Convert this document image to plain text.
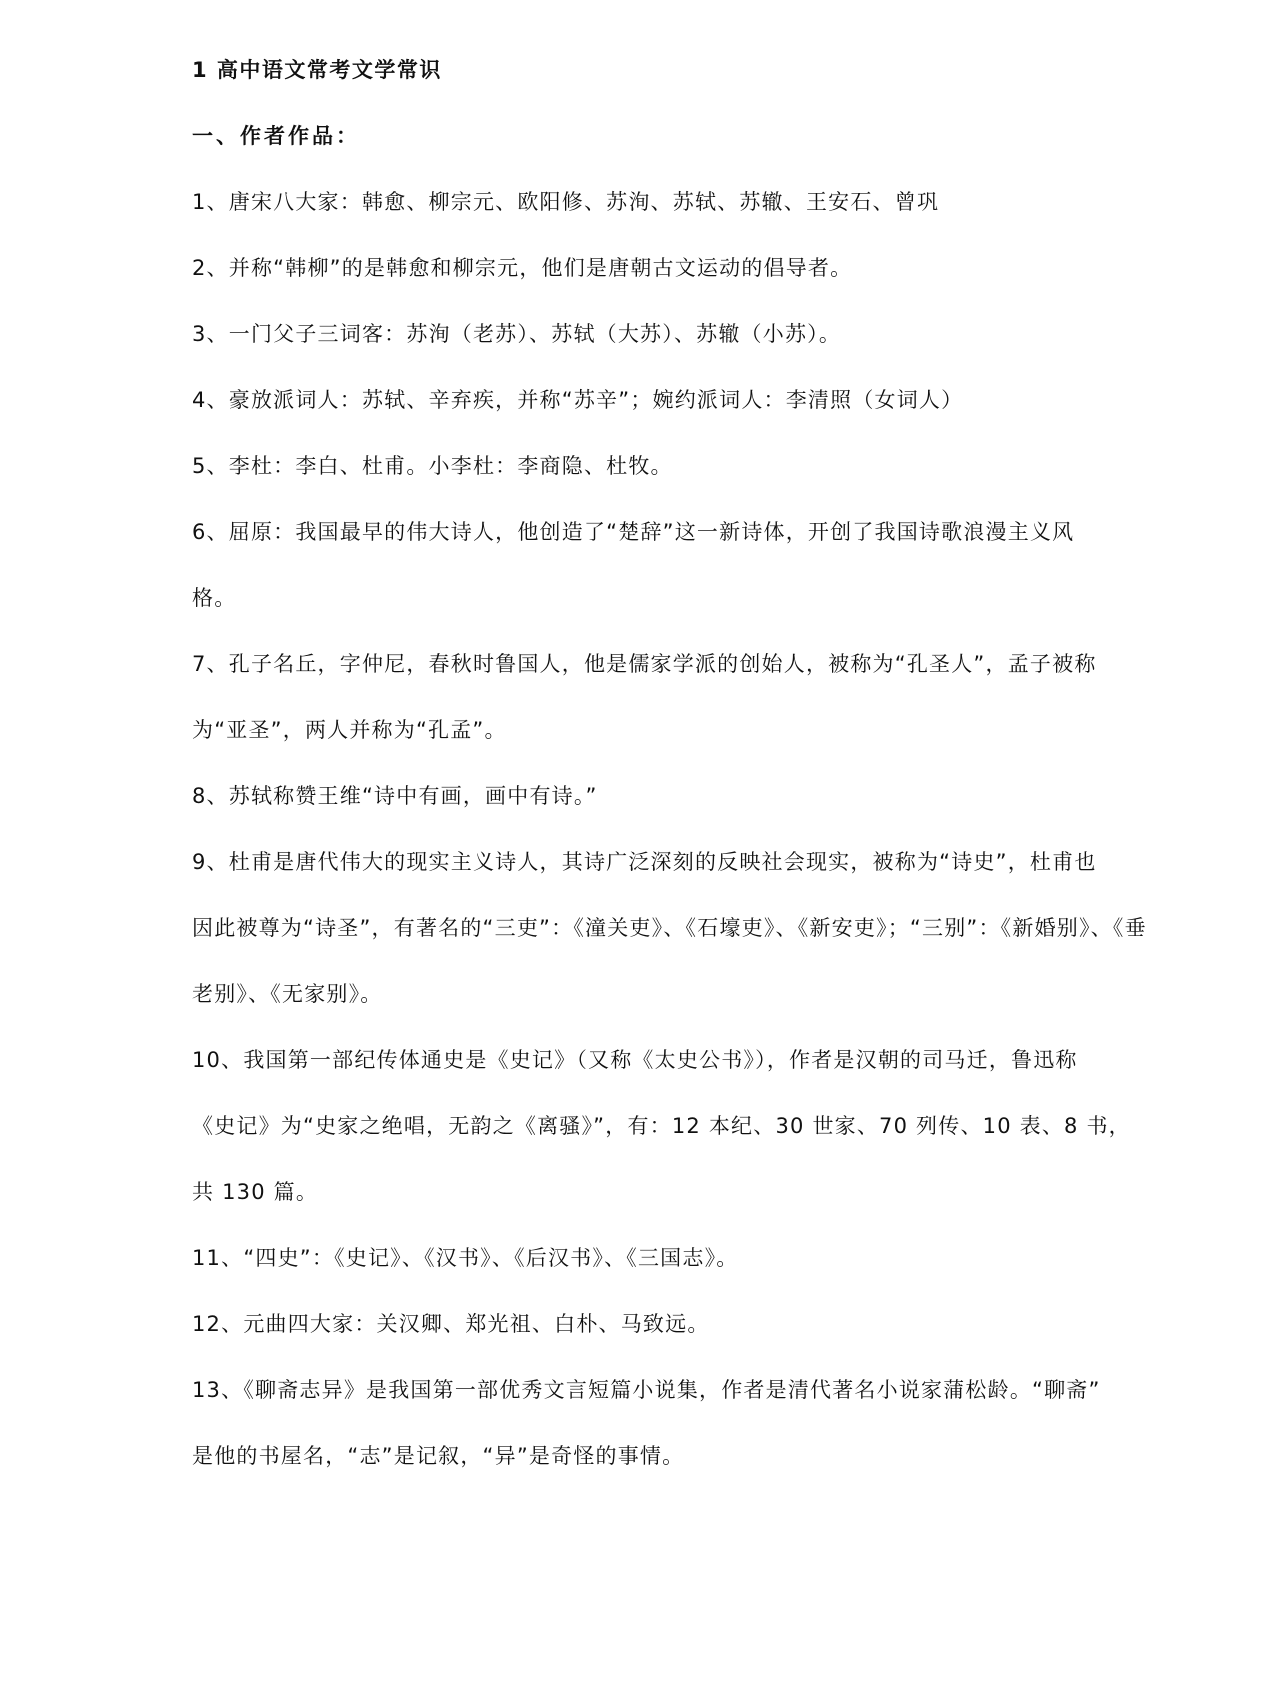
1 高中语文常考文学常识
一、作者作品：
1、唐宋八大家：韩愈、柳宗元、欧阳修、苏洵、苏轼、苏辙、王安石、曾巩
2、并称“韩柳”的是韩愈和柳宗元，他们是唐朝古文运动的倡导者。
3、一门父子三词客：苏洵（老苏）、苏轼（大苏）、苏辙（小苏）。
4、豪放派词人：苏轼、辛弃疾，并称“苏辛”；婉约派词人：李清照（女词人）
5、李杜：李白、杜甫。小李杜：李商隐、杜牧。
6、屈原：我国最早的伟大诗人，他创造了“楚辞”这一新诗体，开创了我国诗歌浪漫主义风
格。
7、孔子名丘，字仲尼，春秋时鲁国人，他是儒家学派的创始人，被称为“孔圣人”，孟子被称
为“亚圣”，两人并称为“孔孟”。
8、苏轼称赞王维“诗中有画，画中有诗。”
9、杜甫是唐代伟大的现实主义诗人，其诗广泛深刻的反映社会现实，被称为“诗史”，杜甫也
因此被尊为“诗圣”，有著名的“三吏”：《潼关吏》、《石壕吏》、《新安吏》；“三别”：《新婚别》、《垂
老别》、《无家别》。
10、我国第一部纪传体通史是《史记》（又称《太史公书》），作者是汉朝的司马迁，鲁迅称
《史记》为“史家之绝唱，无韵之《离骚》”，有：12 本纪、30 世家、70 列传、10 表、8 书，
共 130 篇。
11、“四史”：《史记》、《汉书》、《后汉书》、《三国志》。
12、元曲四大家：关汉卿、郑光祖、白朴、马致远。
13、《聊斋志异》是我国第一部优秀文言短篇小说集，作者是清代著名小说家蒲松龄。“聊斋”
是他的书屋名，“志”是记叙，“异”是奇怪的事情。
